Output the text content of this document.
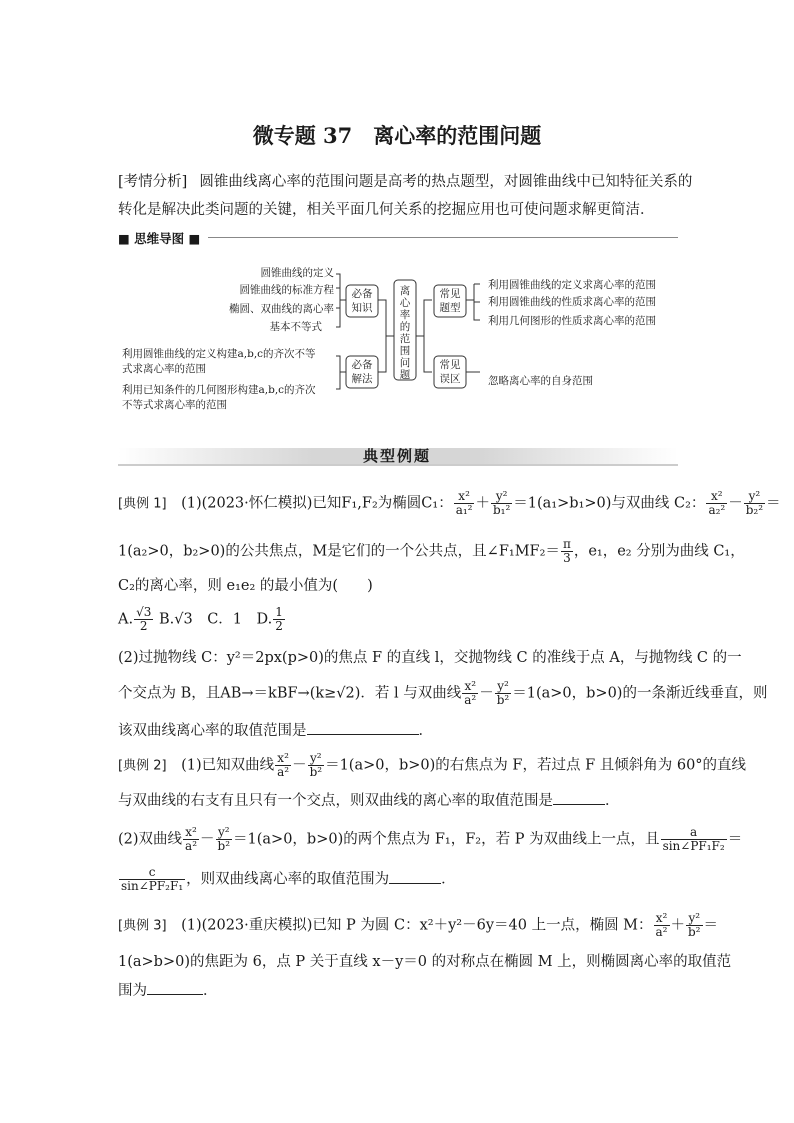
微专题 37　离心率的范围问题
[考情分析] 圆锥曲线离心率的范围问题是高考的热点题型，对圆锥曲线中已知特征关系的
转化是解决此类问题的关键，相关平面几何关系的挖掘应用也可使问题求解更简洁．
■ 思维导图 ■
圆锥曲线的定义
圆锥曲线的标准方程
椭圆、双曲线的离心率
基本不等式
利用圆锥曲线的定义构建a,b,c的齐次不等
式求离心率的范围
利用已知条件的几何图形构建a,b,c的齐次
不等式求离心率的范围
利用圆锥曲线的定义求离心率的范围
利用圆锥曲线的性质求离心率的范围
利用几何图形的性质求离心率的范围
忽略离心率的自身范围
必备知识
必备解法
常见题型
常见误区
离心率的范围问题
典型例题
[典例 1]　 (1)(2023·怀仁模拟)已知F₁,F₂为椭圆C₁： $\frac{\text{x²}}{\text{a₁²}} + \frac{\text{y²}}{\text{b₁²}} =1(a_1>b_1>0)$与双曲线 C₂： $\frac{\text{x²}}{\text{a₂²}} - \frac{\text{y²}}{\text{b₂²}}$ ＝
1(a₂>0，b₂>0)的公共焦点，M是它们的一个公共点，且∠F₁MF₂＝ $\frac{\pi}{3}$ ，e₁，e₂ 分别为曲线 C₁，
C₂的离心率，则 e₁e₂ 的最小值为(　　)
A. $\frac{√3}{2} B.√3$　C．1　D. $\frac{1}{2}$
(2)过抛物线 C：y²＝2px(p>0)的焦点 F 的直线 l，交抛物线 C 的准线于点 A，与抛物线 C 的一
个交点为 B，且AB→＝kBF→(k≥√2)．若 l 与双曲线 $\frac{\text{x²}}{\text{a²}} - \frac{\text{y²}}{\text{b²}} =1(a>0$，b>0)的一条渐近线垂直，则
该双曲线离心率的取值范围是	．
[典例 2]　 (1)已知双曲线 $\frac{\text{x²}}{\text{a²}} - \frac{\text{y²}}{\text{b²}} =1(a>0$，b>0)的右焦点为 F，若过点 F 且倾斜角为 60°的直线
与双曲线的右支有且只有一个交点，则双曲线的离心率的取值范围是	．
(2)双曲线 $\frac{\text{x²}}{\text{a²}} - \frac{\text{y²}}{\text{b²}} =1(a>0$，b>0)的两个焦点为 F₁，F₂，若 P 为双曲线上一点，且 $\frac{a}{\text{sin∠PF₁F₂}}$ ＝
$\frac{c}{\text{sin∠PF₂F₁}}$ ，则双曲线离心率的取值范围为	．
[典例 3]　 (1)(2023·重庆模拟)已知 P 为圆 C：x²＋y²－6y＝40 上一点，椭圆 M： $\frac{\text{x²}}{\text{a²}} + \frac{\text{y²}}{\text{b²}}$ ＝
1(a>b>0)的焦距为 6，点 P 关于直线 x－y＝0 的对称点在椭圆 M 上，则椭圆离心率的取值范
围为	．
